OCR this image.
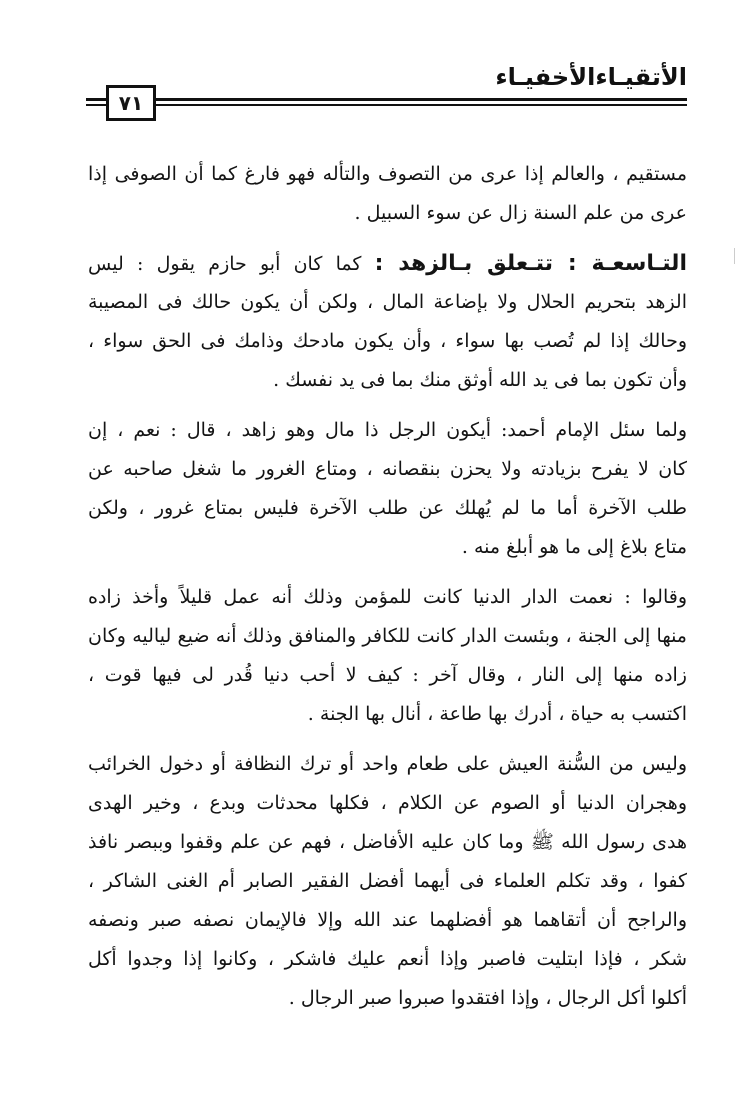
الأتقيـاءالأخفيـاء
٧١
مستقيم ، والعالم إذا عرى من التصوف والتأله فهو فارغ كما أن الصوفى إذا
عرى من علم السنة زال عن سوء السبيل .
التـاسعـة : تتـعلق بـالزهد : كما كان أبو حازم يقول : ليس
الزهد بتحريم الحلال ولا بإضاعة المال ، ولكن أن يكون حالك فى المصيبة
وحالك إذا لم تُصب بها سواء ، وأن يكون مادحك وذامك فى الحق سواء ،
وأن تكون بما فى يد الله أوثق منك بما فى يد نفسك .
ولما سئل الإمام أحمد: أيكون الرجل ذا مال وهو زاهد ، قال : نعم ، إن
كان لا يفرح بزيادته ولا يحزن بنقصانه ، ومتاع الغرور ما شغل صاحبه عن
طلب الآخرة أما ما لم يُهلك عن طلب الآخرة فليس بمتاع غرور ، ولكن
متاع بلاغ إلى ما هو أبلغ منه .
وقالوا : نعمت الدار الدنيا كانت للمؤمن وذلك أنه عمل قليلاً وأخذ زاده
منها إلى الجنة ، وبئست الدار كانت للكافر والمنافق وذلك أنه ضيع لياليه وكان
زاده منها إلى النار ، وقال آخر : كيف لا أحب دنيا قُدر لى فيها قوت ،
اكتسب به حياة ، أدرك بها طاعة ، أنال بها الجنة .
وليس من السُّنة العيش على طعام واحد أو ترك النظافة أو دخول الخرائب
وهجران الدنيا أو الصوم عن الكلام ، فكلها محدثات وبدع ، وخير الهدى
هدى رسول الله ﷺ وما كان عليه الأفاضل ، فهم عن علم وقفوا وببصر نافذ
كفوا ، وقد تكلم العلماء فى أيهما أفضل الفقير الصابر أم الغنى الشاكر ،
والراجح أن أتقاهما هو أفضلهما عند الله وإلا فالإيمان نصفه صبر ونصفه
شكر ، فإذا ابتليت فاصبر وإذا أنعم عليك فاشكر ، وكانوا إذا وجدوا أكل
أكلوا أكل الرجال ، وإذا افتقدوا صبروا صبر الرجال .
